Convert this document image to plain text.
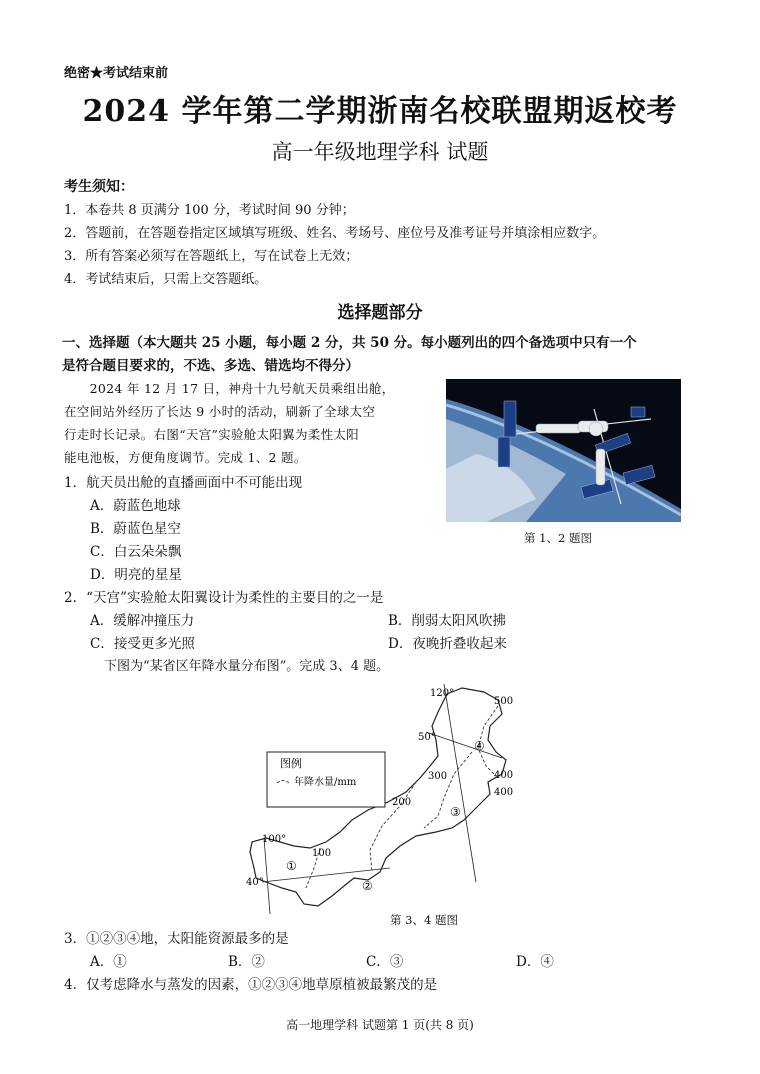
绝密★考试结束前
2024 学年第二学期浙南名校联盟期返校考
高一年级地理学科 试题
考生须知：
1．本卷共 8 页满分 100 分，考试时间 90 分钟；
2．答题前，在答题卷指定区域填写班级、姓名、考场号、座位号及准考证号并填涂相应数字。
3．所有答案必须写在答题纸上，写在试卷上无效；
4．考试结束后，只需上交答题纸。
选择题部分
一、选择题（本大题共 25 小题，每小题 2 分，共 50 分。每小题列出的四个备选项中只有一个
是符合题目要求的，不选、多选、错选均不得分）
　　2024 年 12 月 17 日，神舟十九号航天员乘组出舱，
在空间站外经历了长达 9 小时的活动，刷新了全球太空
行走时长记录。右图“天宫”实验舱太阳翼为柔性太阳
能电池板，方便角度调节。完成 1、2 题。
第 1、2 题图
1．航天员出舱的直播画面中不可能出现
A．蔚蓝色地球
B．蔚蓝色星空
C．白云朵朵飘
D．明亮的星星
2．“天宫”实验舱太阳翼设计为柔性的主要目的之一是
A．缓解冲撞压力	B．削弱太阳风吹拂
C．接受更多光照	D．夜晚折叠收起来
下图为“某省区年降水量分布图”。完成 3、4 题。
120°
100°
50°
40°
500
400
400
300
200
100
①
②
③
④
图例
年降水量/mm
第 3、4 题图
3．①②③④地，太阳能资源最多的是
A．①	B．②	C．③	D．④
4．仅考虑降水与蒸发的因素，①②③④地草原植被最繁茂的是
高一地理学科 试题第 1 页(共 8 页)
